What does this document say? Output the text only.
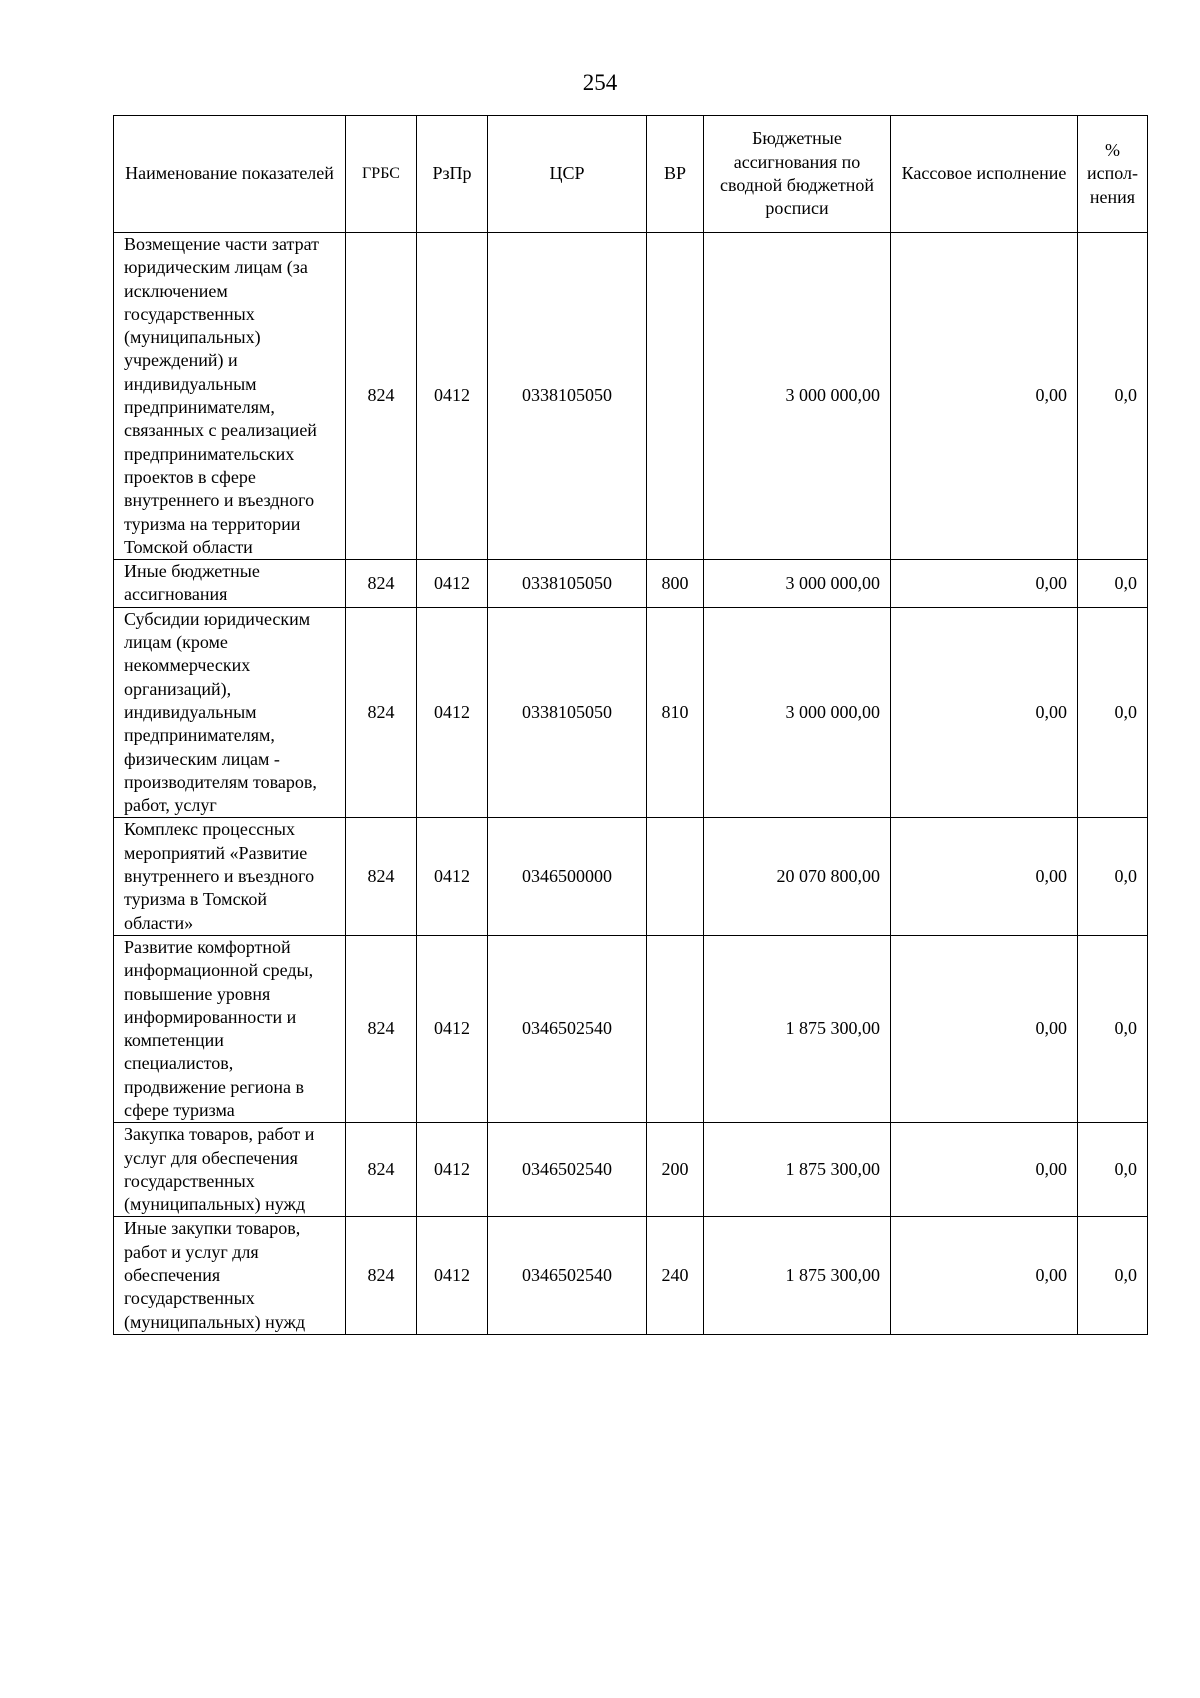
254
Наименование показателей	ГРБС	РзПр	ЦСР	ВР	Бюджетные ассигнования по сводной бюджетной росписи	Кассовое исполнение	% испол-нения
Возмещение части затрат юридическим лицам (за исключением государственных (муниципальных) учреждений) и индивидуальным предпринимателям, связанных с реализацией предпринимательских проектов в сфере внутреннего и въездного туризма на территории Томской области	824	0412	0338105050		3 000 000,00	0,00	0,0
Иные бюджетные ассигнования	824	0412	0338105050	800	3 000 000,00	0,00	0,0
Субсидии юридическим лицам (кроме некоммерческих организаций), индивидуальным предпринимателям, физическим лицам - производителям товаров, работ, услуг	824	0412	0338105050	810	3 000 000,00	0,00	0,0
Комплекс процессных мероприятий «Развитие внутреннего и въездного туризма в Томской области»	824	0412	0346500000		20 070 800,00	0,00	0,0
Развитие комфортной информационной среды, повышение уровня информированности и компетенции специалистов, продвижение региона в сфере туризма	824	0412	0346502540		1 875 300,00	0,00	0,0
Закупка товаров, работ и услуг для обеспечения государственных (муниципальных) нужд	824	0412	0346502540	200	1 875 300,00	0,00	0,0
Иные закупки товаров, работ и услуг для обеспечения государственных (муниципальных) нужд	824	0412	0346502540	240	1 875 300,00	0,00	0,0
